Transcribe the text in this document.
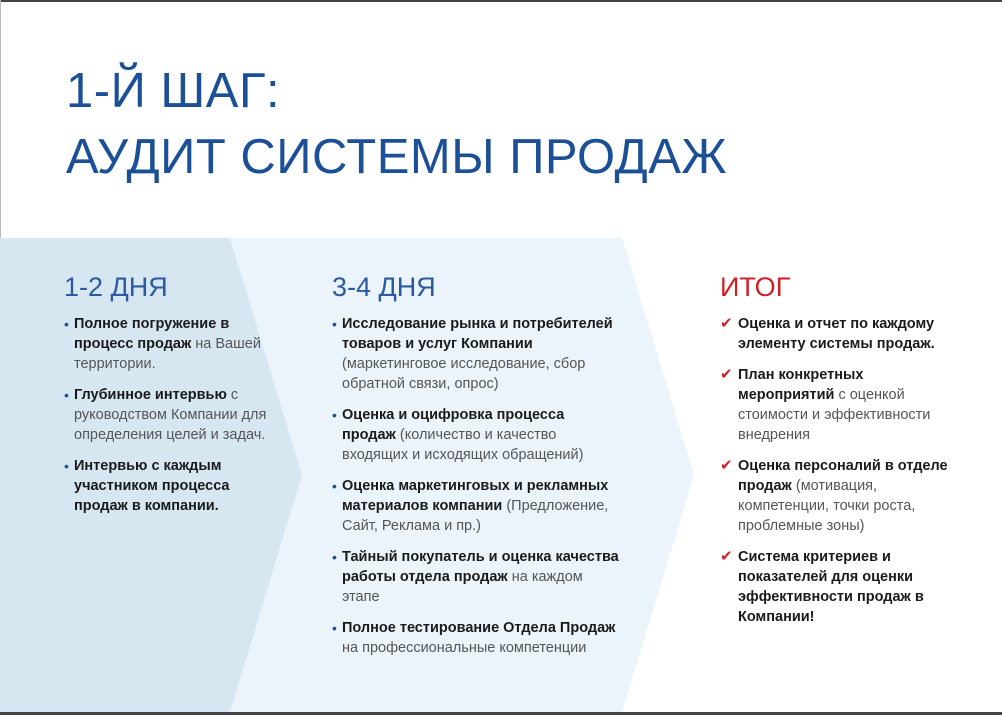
1-Й ШАГ:
АУДИТ СИСТЕМЫ ПРОДАЖ
1-2 ДНЯ
• Полное погружение в процесс продаж на Вашей территории.
• Глубинное интервью с руководством Компании для определения целей и задач.
• Интервью с каждым участником процесса продаж в компании.
3-4 ДНЯ
• Исследование рынка и потребителей товаров и услуг Компании (маркетинговое исследование, сбор обратной связи, опрос)
• Оценка и оцифровка процесса продаж (количество и качество входящих и исходящих обращений)
• Оценка маркетинговых и рекламных материалов компании (Предложение, Сайт, Реклама и пр.)
• Тайный покупатель и оценка качества работы отдела продаж на каждом этапе
• Полное тестирование Отдела Продаж на профессиональные компетенции
ИТОГ
✔ Оценка и отчет по каждому элементу системы продаж.
✔ План конкретных мероприятий с оценкой стоимости и эффективности внедрения
✔ Оценка персоналий в отделе продаж (мотивация, компетенции, точки роста, проблемные зоны)
✔ Система критериев и показателей для оценки эффективности продаж в Компании!
